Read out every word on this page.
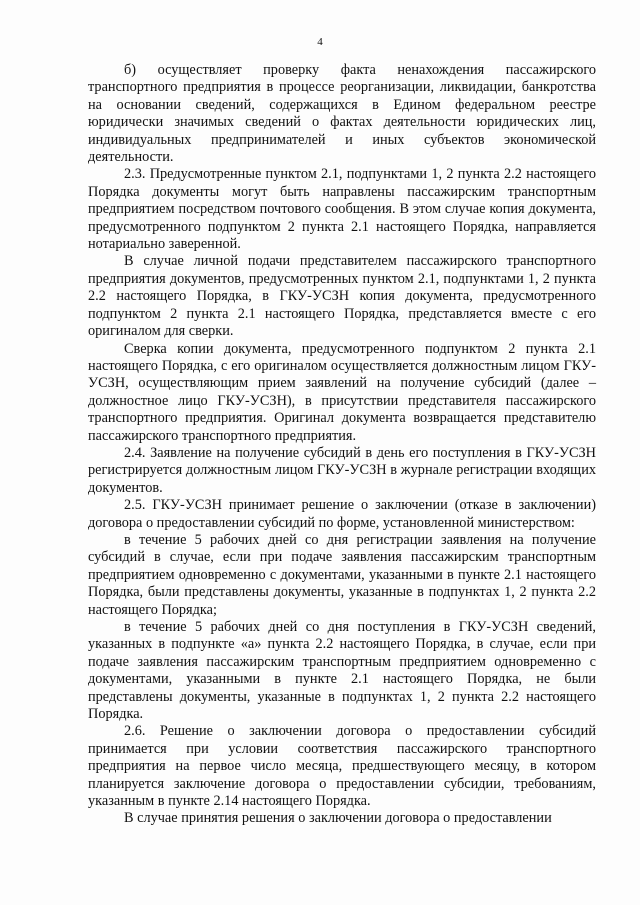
4

б) осуществляет проверку факта ненахождения пассажирского транспортного предприятия в процессе реорганизации, ликвидации, банкротства на основании сведений, содержащихся в Едином федеральном реестре юридически значимых сведений о фактах деятельности юридических лиц, индивидуальных предпринимателей и иных субъектов экономической деятельности.

2.3. Предусмотренные пунктом 2.1, подпунктами 1, 2 пункта 2.2 настоящего Порядка документы могут быть направлены пассажирским транспортным предприятием посредством почтового сообщения. В этом случае копия документа, предусмотренного подпунктом 2 пункта 2.1 настоящего Порядка, направляется нотариально заверенной.

В случае личной подачи представителем пассажирского транспортного предприятия документов, предусмотренных пунктом 2.1, подпунктами 1, 2 пункта 2.2 настоящего Порядка, в ГКУ-УСЗН копия документа, предусмотренного подпунктом 2 пункта 2.1 настоящего Порядка, представляется вместе с его оригиналом для сверки.

Сверка копии документа, предусмотренного подпунктом 2 пункта 2.1 настоящего Порядка, с его оригиналом осуществляется должностным лицом ГКУ-УСЗН, осуществляющим прием заявлений на получение субсидий (далее – должностное лицо ГКУ-УСЗН), в присутствии представителя пассажирского транспортного предприятия. Оригинал документа возвращается представителю пассажирского транспортного предприятия.

2.4. Заявление на получение субсидий в день его поступления в ГКУ-УСЗН регистрируется должностным лицом ГКУ-УСЗН в журнале регистрации входящих документов.

2.5. ГКУ-УСЗН принимает решение о заключении (отказе в заключении) договора о предоставлении субсидий по форме, установленной министерством:

в течение 5 рабочих дней со дня регистрации заявления на получение субсидий в случае, если при подаче заявления пассажирским транспортным предприятием одновременно с документами, указанными в пункте 2.1 настоящего Порядка, были представлены документы, указанные в подпунктах 1, 2 пункта 2.2 настоящего Порядка;

в течение 5 рабочих дней со дня поступления в ГКУ-УСЗН сведений, указанных в подпункте «а» пункта 2.2 настоящего Порядка, в случае, если при подаче заявления пассажирским транспортным предприятием одновременно с документами, указанными в пункте 2.1 настоящего Порядка, не были представлены документы, указанные в подпунктах 1, 2 пункта 2.2 настоящего Порядка.

2.6. Решение о заключении договора о предоставлении субсидий принимается при условии соответствия пассажирского транспортного предприятия на первое число месяца, предшествующего месяцу, в котором планируется заключение договора о предоставлении субсидии, требованиям, указанным в пункте 2.14 настоящего Порядка.

В случае принятия решения о заключении договора о предоставлении
